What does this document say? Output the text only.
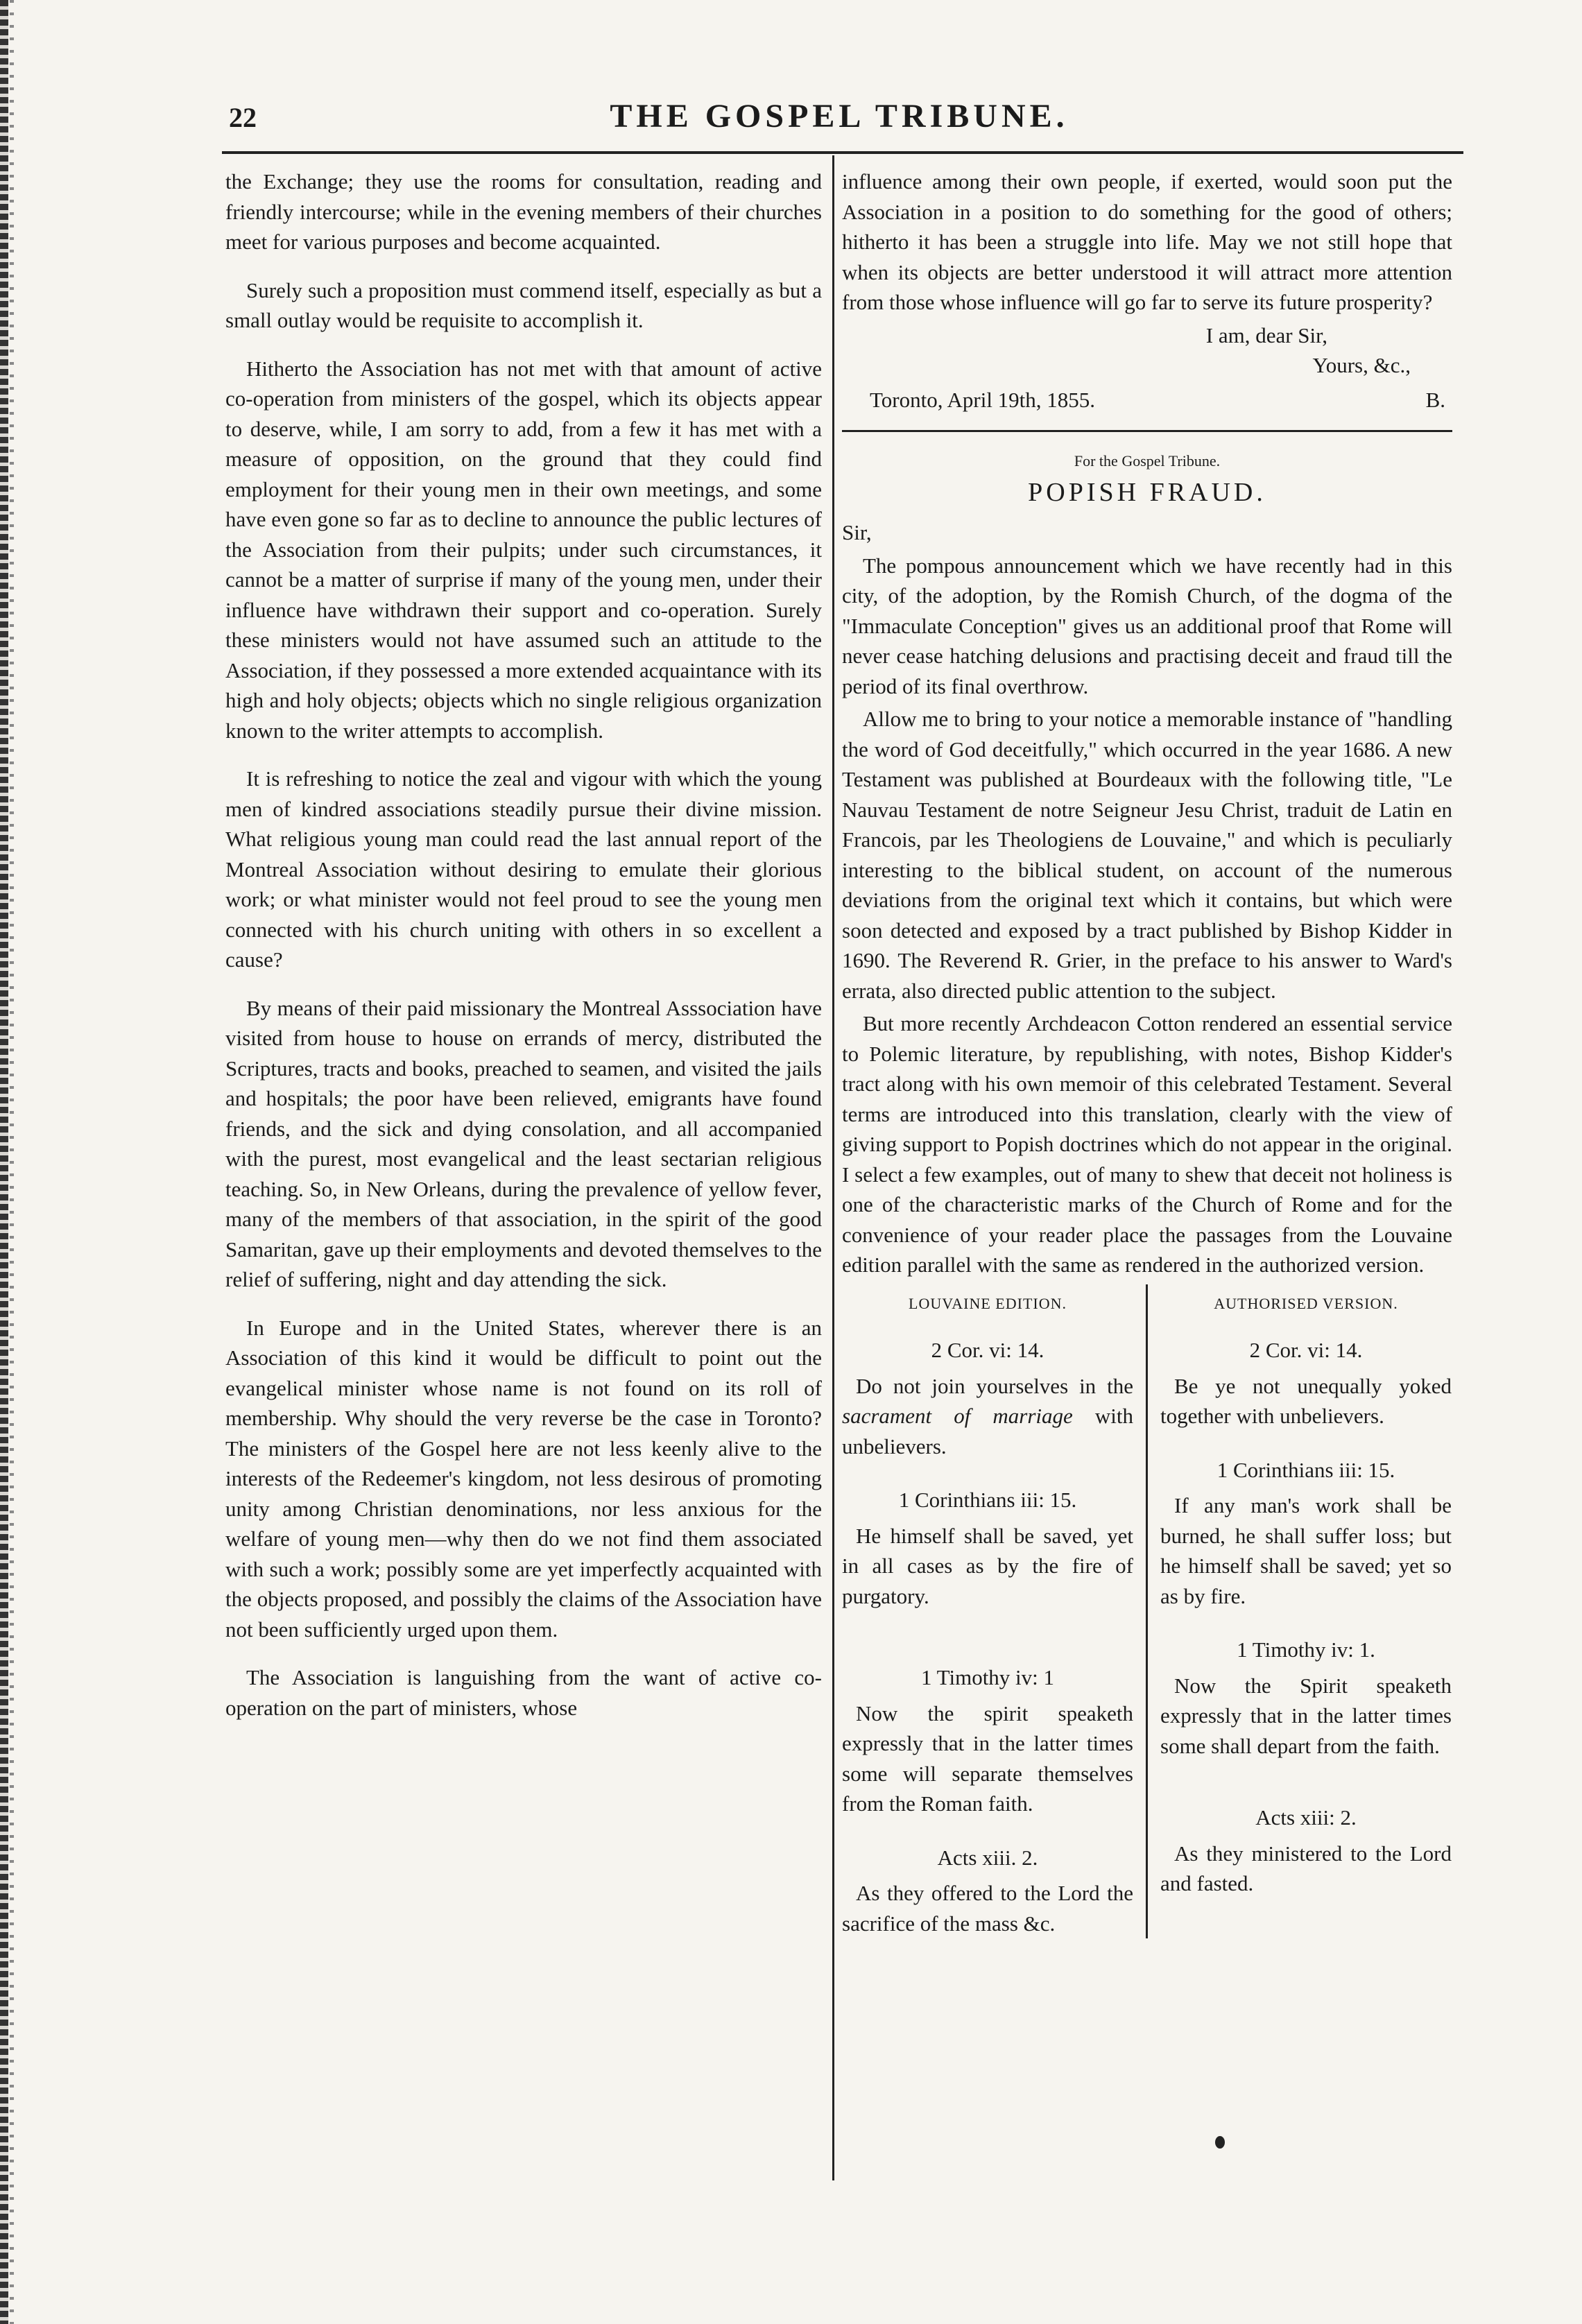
22	THE GOSPEL TRIBUNE.

the Exchange; they use the rooms for consultation, reading and friendly intercourse; while in the evening members of their churches meet for various purposes and become acquainted.

Surely such a proposition must commend itself, especially as but a small outlay would be requisite to accomplish it.

Hitherto the Association has not met with that amount of active co-operation from ministers of the gospel, which its objects appear to deserve, while, I am sorry to add, from a few it has met with a measure of opposition, on the ground that they could find employment for their young men in their own meetings, and some have even gone so far as to decline to announce the public lectures of the Association from their pulpits; under such circumstances, it cannot be a matter of surprise if many of the young men, under their influence have withdrawn their support and co-operation. Surely these ministers would not have assumed such an attitude to the Association, if they possessed a more extended acquaintance with its high and holy objects; objects which no single religious organization known to the writer attempts to accomplish.

It is refreshing to notice the zeal and vigour with which the young men of kindred associations steadily pursue their divine mission. What religious young man could read the last annual report of the Montreal Association without desiring to emulate their glorious work; or what minister would not feel proud to see the young men connected with his church uniting with others in so excellent a cause?

By means of their paid missionary the Montreal Asssociation have visited from house to house on errands of mercy, distributed the Scriptures, tracts and books, preached to seamen, and visited the jails and hospitals; the poor have been relieved, emigrants have found friends, and the sick and dying consolation, and all accompanied with the purest, most evangelical and the least sectarian religious teaching. So, in New Orleans, during the prevalence of yellow fever, many of the members of that association, in the spirit of the good Samaritan, gave up their employments and devoted themselves to the relief of suffering, night and day attending the sick.

In Europe and in the United States, wherever there is an Association of this kind it would be difficult to point out the evangelical minister whose name is not found on its roll of membership. Why should the very reverse be the case in Toronto? The ministers of the Gospel here are not less keenly alive to the interests of the Redeemer's kingdom, not less desirous of promoting unity among Christian denominations, nor less anxious for the welfare of young men—why then do we not find them associated with such a work; possibly some are yet imperfectly acquainted with the objects proposed, and possibly the claims of the Association have not been sufficiently urged upon them.

The Association is languishing from the want of active co-operation on the part of ministers, whose

influence among their own people, if exerted, would soon put the Association in a position to do something for the good of others; hitherto it has been a struggle into life. May we not still hope that when its objects are better understood it will attract more attention from those whose influence will go far to serve its future prosperity?

I am, dear Sir,
Yours, &c.,
Toronto, April 19th, 1855.	B.
For the Gospel Tribune.
POPISH FRAUD.
Sir,

The pompous announcement which we have recently had in this city, of the adoption, by the Romish Church, of the dogma of the "Immaculate Conception" gives us an additional proof that Rome will never cease hatching delusions and practising deceit and fraud till the period of its final overthrow.

Allow me to bring to your notice a memorable instance of "handling the word of God deceitfully," which occurred in the year 1686. A new Testament was published at Bourdeaux with the following title, "Le Nauvau Testament de notre Seigneur Jesu Christ, traduit de Latin en Francois, par les Theologiens de Louvaine," and which is peculiarly interesting to the biblical student, on account of the numerous deviations from the original text which it contains, but which were soon detected and exposed by a tract published by Bishop Kidder in 1690. The Reverend R. Grier, in the preface to his answer to Ward's errata, also directed public attention to the subject.

But more recently Archdeacon Cotton rendered an essential service to Polemic literature, by republishing, with notes, Bishop Kidder's tract along with his own memoir of this celebrated Testament. Several terms are introduced into this translation, clearly with the view of giving support to Popish doctrines which do not appear in the original. I select a few examples, out of many to shew that deceit not holiness is one of the characteristic marks of the Church of Rome and for the convenience of your reader place the passages from the Louvaine edition parallel with the same as rendered in the authorized version.

LOUVAINE EDITION.
2 Cor. vi: 14.
Do not join yourselves in the sacrament of marriage with unbelievers.
1 Corinthians iii: 15.
He himself shall be saved, yet in all cases as by the fire of purgatory.
1 Timothy iv: 1
Now the spirit speaketh expressly that in the latter times some will separate themselves from the Roman faith.
Acts xiii. 2.
As they offered to the Lord the sacrifice of the mass &c.
AUTHORISED VERSION.
2 Cor. vi: 14.
Be ye not unequally yoked together with unbelievers.
1 Corinthians iii: 15.
If any man's work shall be burned, he shall suffer loss; but he himself shall be saved; yet so as by fire.
1 Timothy iv: 1.
Now the Spirit speaketh expressly that in the latter times some shall depart from the faith.
Acts xiii: 2.
As they ministered to the Lord and fasted.
